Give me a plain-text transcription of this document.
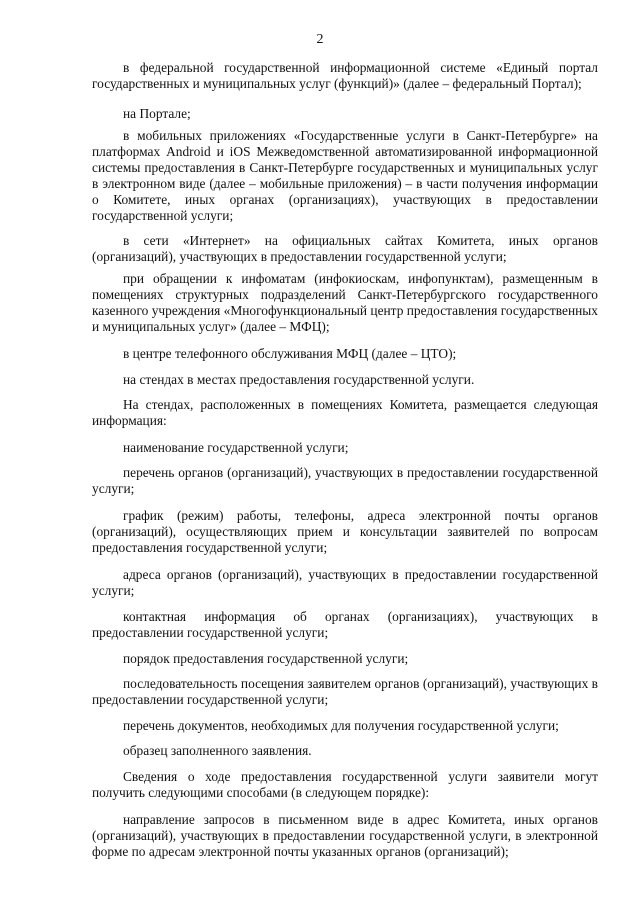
2

в федеральной государственной информационной системе «Единый портал государственных и муниципальных услуг (функций)» (далее – федеральный Портал);

на Портале;

в мобильных приложениях «Государственные услуги в Санкт-Петербурге» на платформах Android и iOS Межведомственной автоматизированной информационной системы предоставления в Санкт-Петербурге государственных и муниципальных услуг в электронном виде (далее – мобильные приложения) – в части получения информации о Комитете, иных органах (организациях), участвующих в предоставлении государственной услуги;

в сети «Интернет» на официальных сайтах Комитета, иных органов (организаций), участвующих в предоставлении государственной услуги;

при обращении к инфоматам (инфокиоскам, инфопунктам), размещенным в помещениях структурных подразделений Санкт-Петербургского государственного казенного учреждения «Многофункциональный центр предоставления государственных и муниципальных услуг» (далее – МФЦ);

в центре телефонного обслуживания МФЦ (далее – ЦТО);

на стендах в местах предоставления государственной услуги.

На стендах, расположенных в помещениях Комитета, размещается следующая информация:

наименование государственной услуги;

перечень органов (организаций), участвующих в предоставлении государственной услуги;

график (режим) работы, телефоны, адреса электронной почты органов (организаций), осуществляющих прием и консультации заявителей по вопросам предоставления государственной услуги;

адреса органов (организаций), участвующих в предоставлении государственной услуги;

контактная информация об органах (организациях), участвующих в предоставлении государственной услуги;

порядок предоставления государственной услуги;

последовательность посещения заявителем органов (организаций), участвующих в предоставлении государственной услуги;

перечень документов, необходимых для получения государственной услуги;

образец заполненного заявления.

Сведения о ходе предоставления государственной услуги заявители могут получить следующими способами (в следующем порядке):

направление запросов в письменном виде в адрес Комитета, иных органов (организаций), участвующих в предоставлении государственной услуги, в электронной форме по адресам электронной почты указанных органов (организаций);
